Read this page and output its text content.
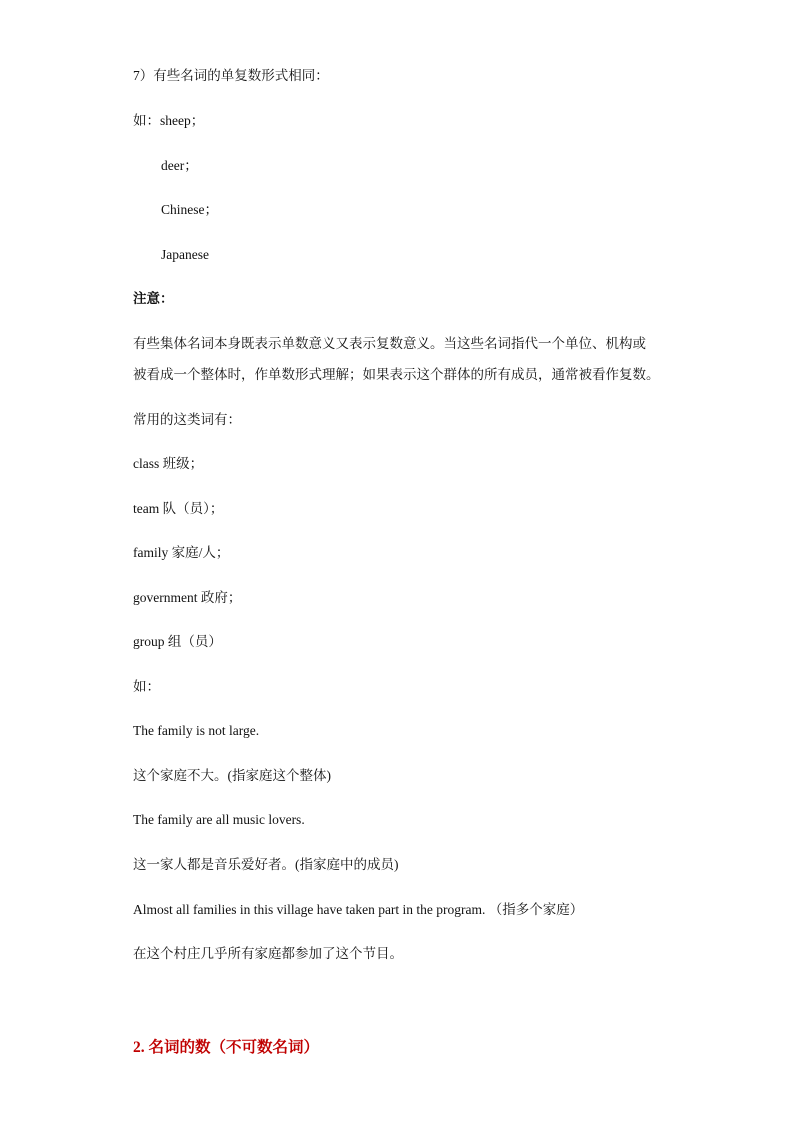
7）有些名词的单复数形式相同：
如：sheep；
deer；
Chinese；
Japanese
注意：
有些集体名词本身既表示单数意义又表示复数意义。当这些名词指代一个单位、机构或
被看成一个整体时，作单数形式理解；如果表示这个群体的所有成员，通常被看作复数。
常用的这类词有：
class 班级；
team 队（员）；
family 家庭/人；
government 政府；
group 组（员）
如：
The family is not large.
这个家庭不大。(指家庭这个整体)
The family are all music lovers.
这一家人都是音乐爱好者。(指家庭中的成员)
Almost all families in this village have taken part in the program. （指多个家庭）
在这个村庄几乎所有家庭都参加了这个节目。
2. 名词的数（不可数名词）
